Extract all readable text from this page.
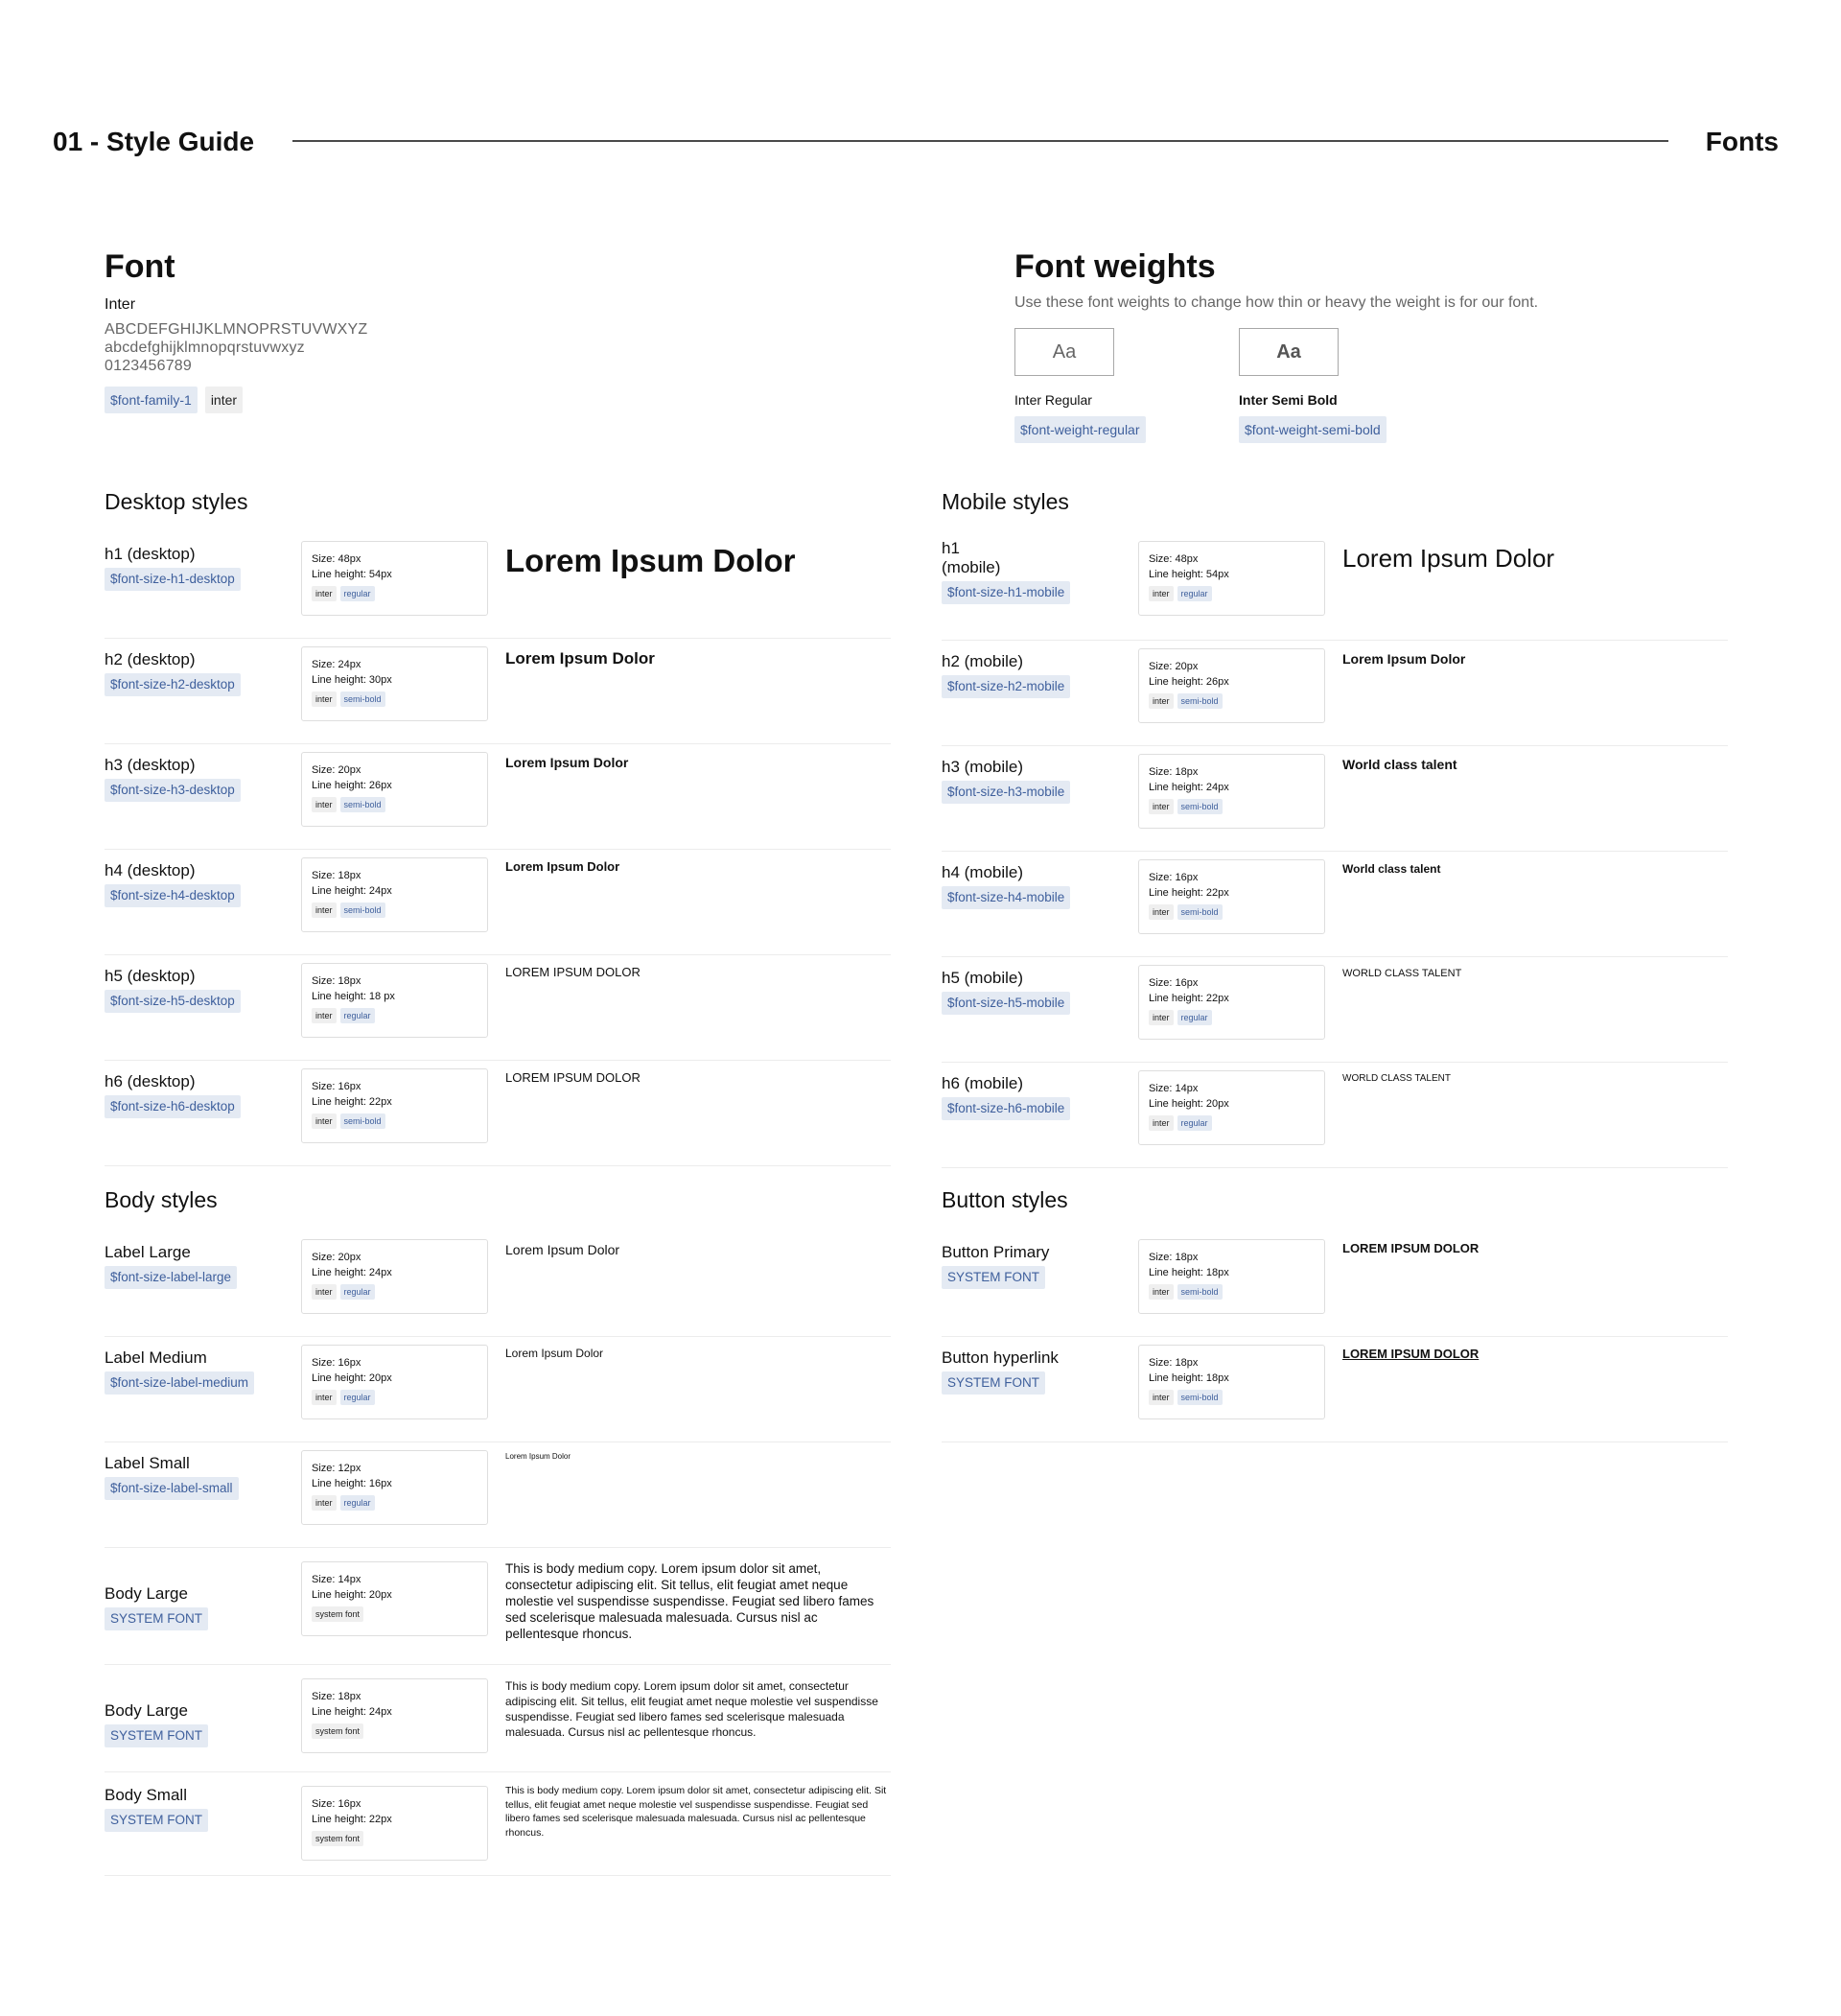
01 - Style Guide	Fonts
Font
Inter
ABCDEFGHIJKLMNOPRSTUVWXYZ
abcdefghijklmnopqrstuvwxyz
0123456789
$font-family-1	inter
Font weights
Use these font weights to change how thin or heavy the weight is for our font.
Aa
Inter Regular
$font-weight-regular
Aa
Inter Semi Bold
$font-weight-semi-bold
Desktop styles
h1 (desktop)
$font-size-h1-desktop
Size: 48px
Line height: 54px
inter	regular
Lorem Ipsum Dolor
h2 (desktop)
$font-size-h2-desktop
Size: 24px
Line height: 30px
inter	semi-bold
Lorem Ipsum Dolor
h3 (desktop)
$font-size-h3-desktop
Size: 20px
Line height: 26px
inter	semi-bold
Lorem Ipsum Dolor
h4 (desktop)
$font-size-h4-desktop
Size: 18px
Line height: 24px
inter	semi-bold
Lorem Ipsum Dolor
h5 (desktop)
$font-size-h5-desktop
Size: 18px
Line height: 18 px
inter	regular
LOREM IPSUM DOLOR
h6 (desktop)
$font-size-h6-desktop
Size: 16px
Line height: 22px
inter	semi-bold
LOREM IPSUM DOLOR
Mobile styles
h1
(mobile)
$font-size-h1-mobile
Size: 48px
Line height: 54px
inter	regular
Lorem Ipsum Dolor
h2 (mobile)
$font-size-h2-mobile
Size: 20px
Line height: 26px
inter	semi-bold
Lorem Ipsum Dolor
h3 (mobile)
$font-size-h3-mobile
Size: 18px
Line height: 24px
inter	semi-bold
World class talent
h4 (mobile)
$font-size-h4-mobile
Size: 16px
Line height: 22px
inter	semi-bold
World class talent
h5 (mobile)
$font-size-h5-mobile
Size: 16px
Line height: 22px
inter	regular
WORLD CLASS TALENT
h6 (mobile)
$font-size-h6-mobile
Size: 14px
Line height: 20px
inter	regular
WORLD CLASS TALENT
Body styles
Label Large
$font-size-label-large
Size: 20px
Line height: 24px
inter	regular
Lorem Ipsum Dolor
Label Medium
$font-size-label-medium
Size: 16px
Line height: 20px
inter	regular
Lorem Ipsum Dolor
Label Small
$font-size-label-small
Size: 12px
Line height: 16px
inter	regular
Lorem Ipsum Dolor
Body Large
SYSTEM FONT
Size: 14px
Line height: 20px
system font
This is body medium copy. Lorem ipsum dolor sit amet, consectetur adipiscing elit. Sit tellus, elit feugiat amet neque molestie vel suspendisse suspendisse. Feugiat sed libero fames sed scelerisque malesuada malesuada. Cursus nisl ac pellentesque rhoncus.
Body Large
SYSTEM FONT
Size: 18px
Line height: 24px
system font
This is body medium copy. Lorem ipsum dolor sit amet, consectetur adipiscing elit. Sit tellus, elit feugiat amet neque molestie vel suspendisse suspendisse. Feugiat sed libero fames sed scelerisque malesuada malesuada. Cursus nisl ac pellentesque rhoncus.
Body Small
SYSTEM FONT
Size: 16px
Line height: 22px
system font
This is body medium copy. Lorem ipsum dolor sit amet, consectetur adipiscing elit. Sit tellus, elit feugiat amet neque molestie vel suspendisse suspendisse. Feugiat sed libero fames sed scelerisque malesuada malesuada. Cursus nisl ac pellentesque rhoncus.
Button styles
Button Primary
SYSTEM FONT
Size: 18px
Line height: 18px
inter	semi-bold
LOREM IPSUM DOLOR
Button hyperlink
SYSTEM FONT
Size: 18px
Line height: 18px
inter	semi-bold
LOREM IPSUM DOLOR
